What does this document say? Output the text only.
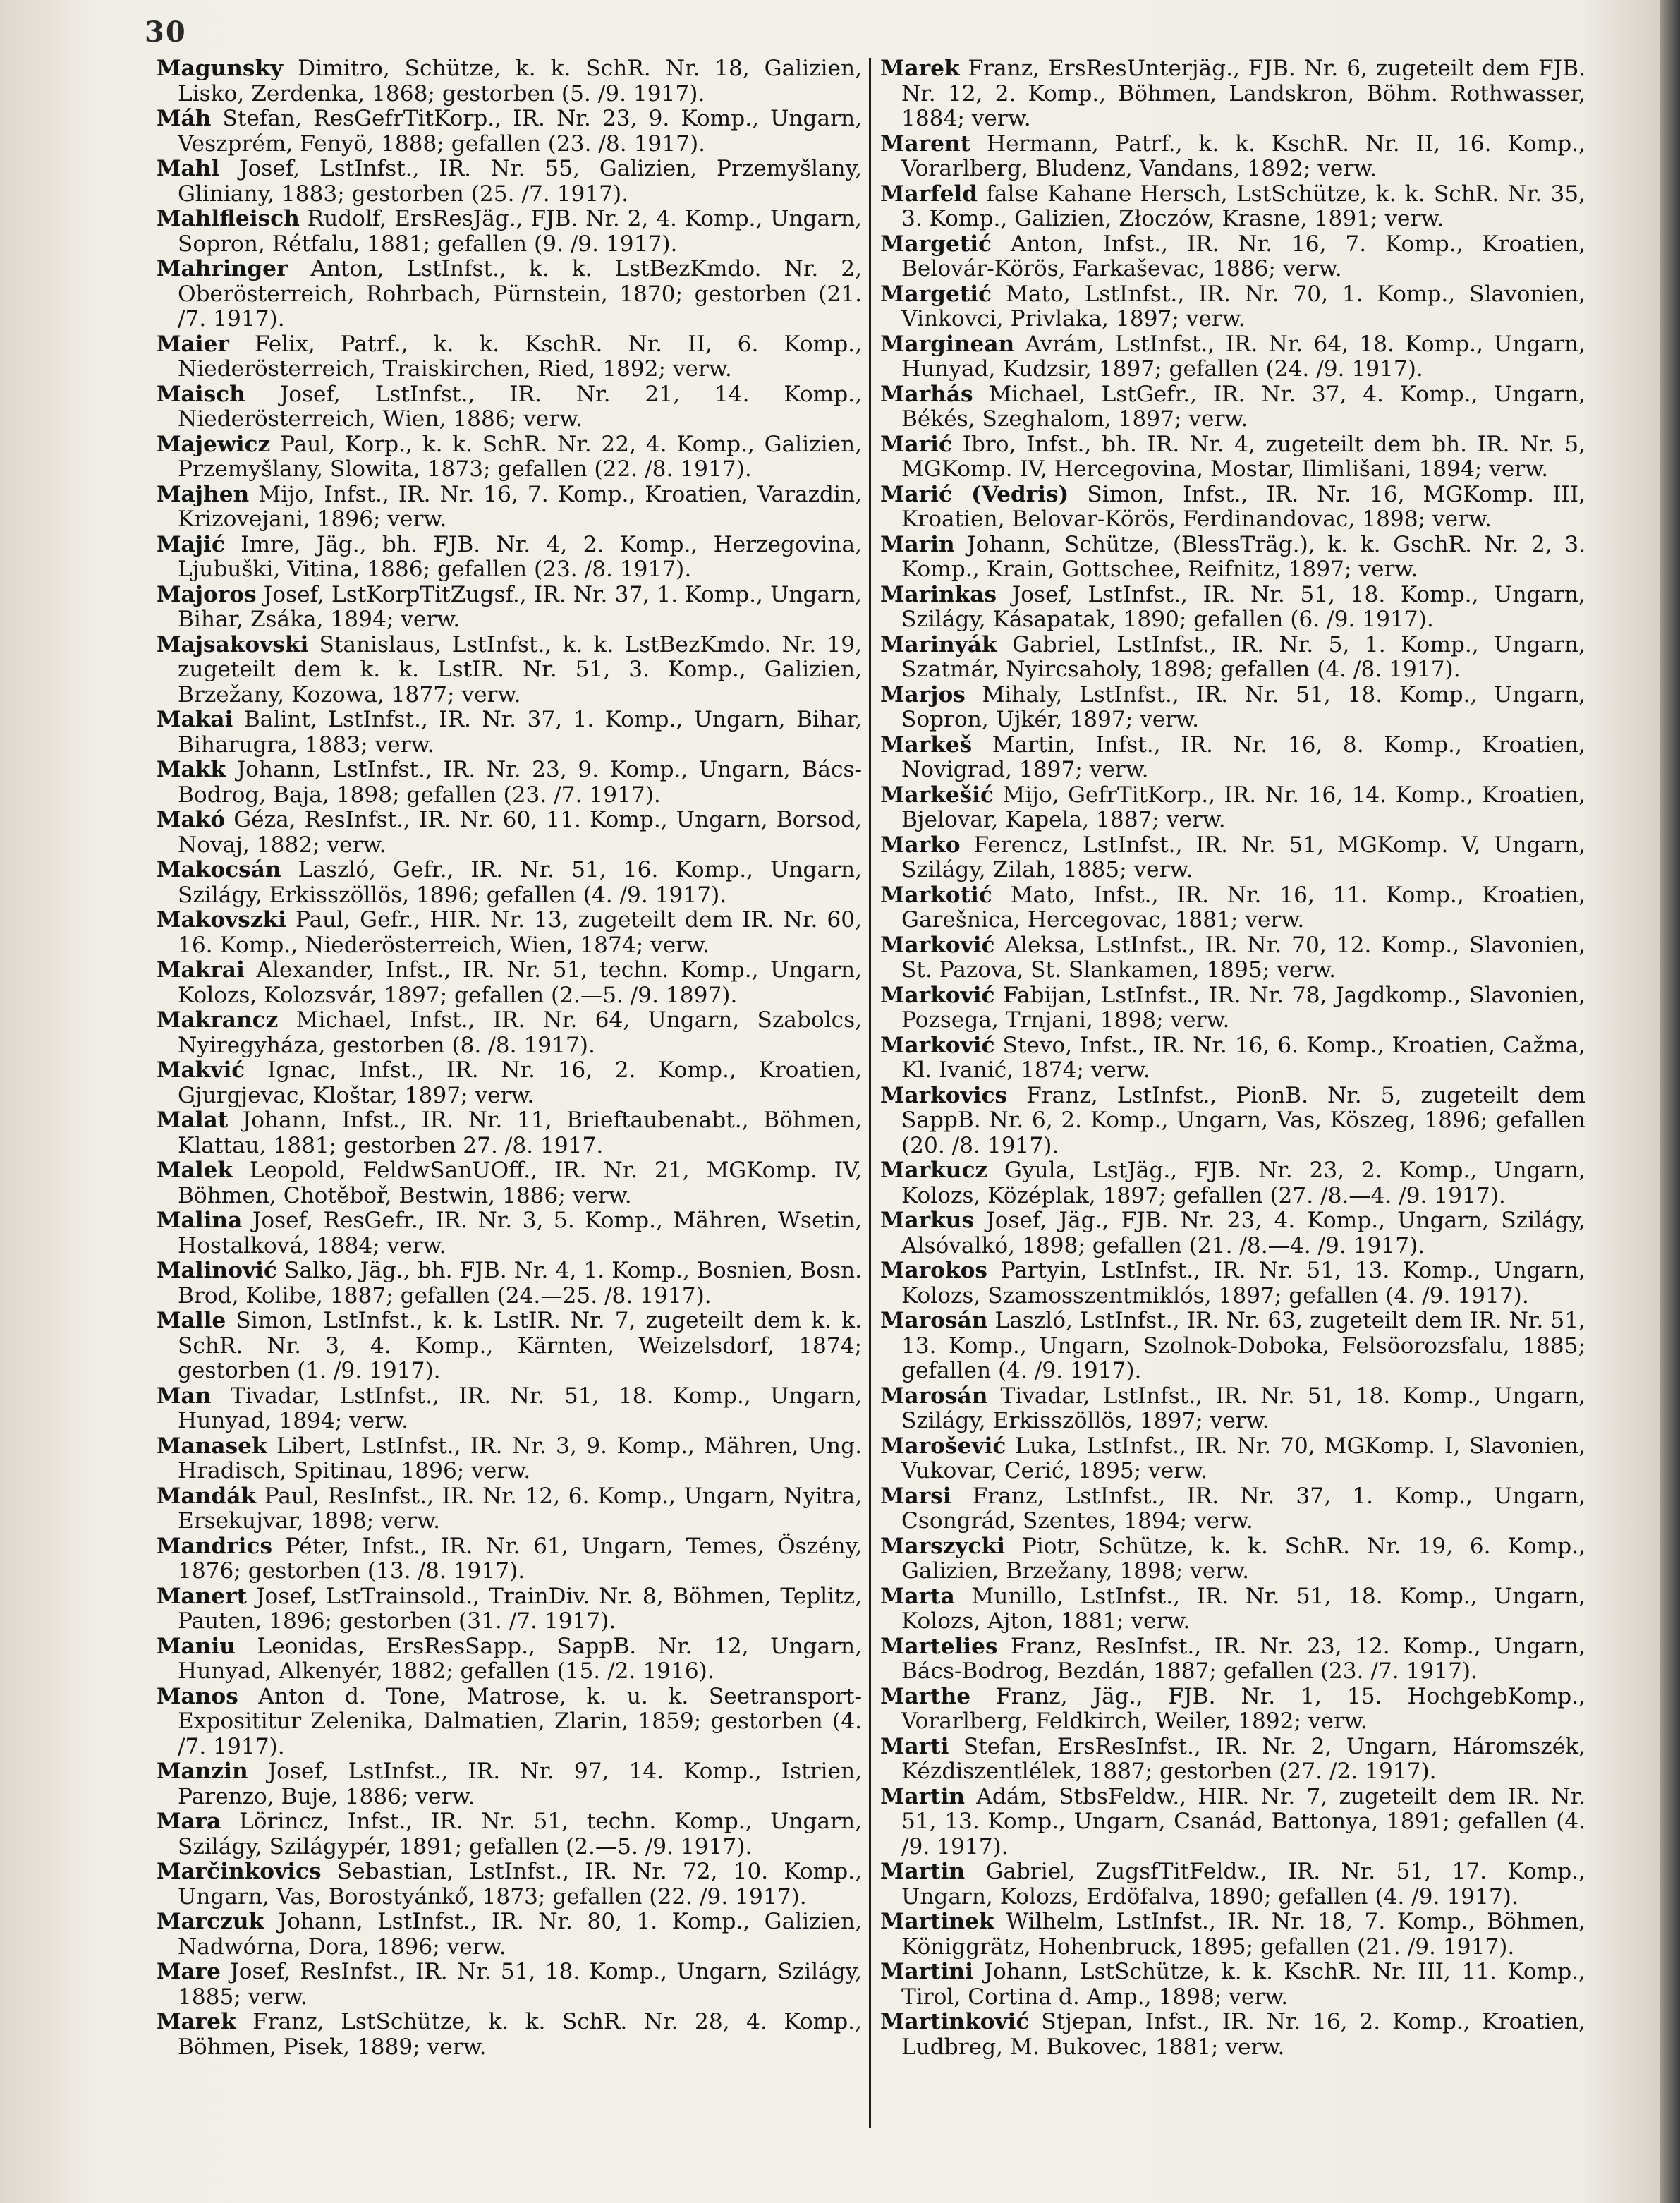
30

Magunsky Dimitro, Schütze, k. k. SchR. Nr. 18, Galizien, Lisko, Zerdenka, 1868; gestorben (5. /9. 1917).

Máh Stefan, ResGefrTitKorp., IR. Nr. 23, 9. Komp., Ungarn, Veszprém, Fenyö, 1888; gefallen (23. /8. 1917).

Mahl Josef, LstInfst., IR. Nr. 55, Galizien, Przemyšlany, Gliniany, 1883; gestorben (25. /7. 1917).

Mahlfleisch Rudolf, ErsResJäg., FJB. Nr. 2, 4. Komp., Ungarn, Sopron, Rétfalu, 1881; gefallen (9. /9. 1917).

Mahringer Anton, LstInfst., k. k. LstBezKmdo. Nr. 2, Oberösterreich, Rohrbach, Pürnstein, 1870; gestorben (21. /7. 1917).

Maier Felix, Patrf., k. k. KschR. Nr. II, 6. Komp., Niederösterreich, Traiskirchen, Ried, 1892; verw.

Maisch Josef, LstInfst., IR. Nr. 21, 14. Komp., Niederösterreich, Wien, 1886; verw.

Majewicz Paul, Korp., k. k. SchR. Nr. 22, 4. Komp., Galizien, Przemyšlany, Slowita, 1873; gefallen (22. /8. 1917).

Majhen Mijo, Infst., IR. Nr. 16, 7. Komp., Kroatien, Varazdin, Krizovejani, 1896; verw.

Majić Imre, Jäg., bh. FJB. Nr. 4, 2. Komp., Herzegovina, Ljubuški, Vitina, 1886; gefallen (23. /8. 1917).

Majoros Josef, LstKorpTitZugsf., IR. Nr. 37, 1. Komp., Ungarn, Bihar, Zsáka, 1894; verw.

Majsakovski Stanislaus, LstInfst., k. k. LstBezKmdo. Nr. 19, zugeteilt dem k. k. LstIR. Nr. 51, 3. Komp., Galizien, Brzežany, Kozowa, 1877; verw.

Makai Balint, LstInfst., IR. Nr. 37, 1. Komp., Ungarn, Bihar, Biharugra, 1883; verw.

Makk Johann, LstInfst., IR. Nr. 23, 9. Komp., Ungarn, Bács-Bodrog, Baja, 1898; gefallen (23. /7. 1917).

Makó Géza, ResInfst., IR. Nr. 60, 11. Komp., Ungarn, Borsod, Novaj, 1882; verw.

Makocsán Laszló, Gefr., IR. Nr. 51, 16. Komp., Ungarn, Szilágy, Erkisszöllös, 1896; gefallen (4. /9. 1917).

Makovszki Paul, Gefr., HIR. Nr. 13, zugeteilt dem IR. Nr. 60, 16. Komp., Niederösterreich, Wien, 1874; verw.

Makrai Alexander, Infst., IR. Nr. 51, techn. Komp., Ungarn, Kolozs, Kolozsvár, 1897; gefallen (2.—5. /9. 1897).

Makrancz Michael, Infst., IR. Nr. 64, Ungarn, Szabolcs, Nyiregyháza, gestorben (8. /8. 1917).

Makvić Ignac, Infst., IR. Nr. 16, 2. Komp., Kroatien, Gjurgjevac, Kloštar, 1897; verw.

Malat Johann, Infst., IR. Nr. 11, Brieftaubenabt., Böhmen, Klattau, 1881; gestorben 27. /8. 1917.

Malek Leopold, FeldwSanUOff., IR. Nr. 21, MGKomp. IV, Böhmen, Chotěboř, Bestwin, 1886; verw.

Malina Josef, ResGefr., IR. Nr. 3, 5. Komp., Mähren, Wsetin, Hostalková, 1884; verw.

Malinović Salko, Jäg., bh. FJB. Nr. 4, 1. Komp., Bosnien, Bosn. Brod, Kolibe, 1887; gefallen (24.—25. /8. 1917).

Malle Simon, LstInfst., k. k. LstIR. Nr. 7, zugeteilt dem k. k. SchR. Nr. 3, 4. Komp., Kärnten, Weizelsdorf, 1874; gestorben (1. /9. 1917).

Man Tivadar, LstInfst., IR. Nr. 51, 18. Komp., Ungarn, Hunyad, 1894; verw.

Manasek Libert, LstInfst., IR. Nr. 3, 9. Komp., Mähren, Ung. Hradisch, Spitinau, 1896; verw.

Mandák Paul, ResInfst., IR. Nr. 12, 6. Komp., Ungarn, Nyitra, Ersekujvar, 1898; verw.

Mandrics Péter, Infst., IR. Nr. 61, Ungarn, Temes, Öszény, 1876; gestorben (13. /8. 1917).

Manert Josef, LstTrainsold., TrainDiv. Nr. 8, Böhmen, Teplitz, Pauten, 1896; gestorben (31. /7. 1917).

Maniu Leonidas, ErsResSapp., SappB. Nr. 12, Ungarn, Hunyad, Alkenyér, 1882; gefallen (15. /2. 1916).

Manos Anton d. Tone, Matrose, k. u. k. Seetransport-Exposititur Zelenika, Dalmatien, Zlarin, 1859; gestorben (4. /7. 1917).

Manzin Josef, LstInfst., IR. Nr. 97, 14. Komp., Istrien, Parenzo, Buje, 1886; verw.

Mara Lörincz, Infst., IR. Nr. 51, techn. Komp., Ungarn, Szilágy, Szilágypér, 1891; gefallen (2.—5. /9. 1917).

Marčinkovics Sebastian, LstInfst., IR. Nr. 72, 10. Komp., Ungarn, Vas, Borostyánkő, 1873; gefallen (22. /9. 1917).

Marczuk Johann, LstInfst., IR. Nr. 80, 1. Komp., Galizien, Nadwórna, Dora, 1896; verw.

Mare Josef, ResInfst., IR. Nr. 51, 18. Komp., Ungarn, Szilágy, 1885; verw.

Marek Franz, LstSchütze, k. k. SchR. Nr. 28, 4. Komp., Böhmen, Pisek, 1889; verw.

Marek Franz, ErsResUnterjäg., FJB. Nr. 6, zugeteilt dem FJB. Nr. 12, 2. Komp., Böhmen, Landskron, Böhm. Rothwasser, 1884; verw.

Marent Hermann, Patrf., k. k. KschR. Nr. II, 16. Komp., Vorarlberg, Bludenz, Vandans, 1892; verw.

Marfeld false Kahane Hersch, LstSchütze, k. k. SchR. Nr. 35, 3. Komp., Galizien, Złoczów, Krasne, 1891; verw.

Margetić Anton, Infst., IR. Nr. 16, 7. Komp., Kroatien, Belovár-Körös, Farkaševac, 1886; verw.

Margetić Mato, LstInfst., IR. Nr. 70, 1. Komp., Slavonien, Vinkovci, Privlaka, 1897; verw.

Marginean Avrám, LstInfst., IR. Nr. 64, 18. Komp., Ungarn, Hunyad, Kudzsir, 1897; gefallen (24. /9. 1917).

Marhás Michael, LstGefr., IR. Nr. 37, 4. Komp., Ungarn, Békés, Szeghalom, 1897; verw.

Marić Ibro, Infst., bh. IR. Nr. 4, zugeteilt dem bh. IR. Nr. 5, MGKomp. IV, Hercegovina, Mostar, Ilimlišani, 1894; verw.

Marić (Vedris) Simon, Infst., IR. Nr. 16, MGKomp. III, Kroatien, Belovar-Körös, Ferdinandovac, 1898; verw.

Marin Johann, Schütze, (BlessTräg.), k. k. GschR. Nr. 2, 3. Komp., Krain, Gottschee, Reifnitz, 1897; verw.

Marinkas Josef, LstInfst., IR. Nr. 51, 18. Komp., Ungarn, Szilágy, Kásapatak, 1890; gefallen (6. /9. 1917).

Marinyák Gabriel, LstInfst., IR. Nr. 5, 1. Komp., Ungarn, Szatmár, Nyircsaholy, 1898; gefallen (4. /8. 1917).

Marjos Mihaly, LstInfst., IR. Nr. 51, 18. Komp., Ungarn, Sopron, Ujkér, 1897; verw.

Markeš Martin, Infst., IR. Nr. 16, 8. Komp., Kroatien, Novigrad, 1897; verw.

Markešić Mijo, GefrTitKorp., IR. Nr. 16, 14. Komp., Kroatien, Bjelovar, Kapela, 1887; verw.

Marko Ferencz, LstInfst., IR. Nr. 51, MGKomp. V, Ungarn, Szilágy, Zilah, 1885; verw.

Markotić Mato, Infst., IR. Nr. 16, 11. Komp., Kroatien, Garešnica, Hercegovac, 1881; verw.

Marković Aleksa, LstInfst., IR. Nr. 70, 12. Komp., Slavonien, St. Pazova, St. Slankamen, 1895; verw.

Marković Fabijan, LstInfst., IR. Nr. 78, Jagdkomp., Slavonien, Pozsega, Trnjani, 1898; verw.

Marković Stevo, Infst., IR. Nr. 16, 6. Komp., Kroatien, Cažma, Kl. Ivanić, 1874; verw.

Markovics Franz, LstInfst., PionB. Nr. 5, zugeteilt dem SappB. Nr. 6, 2. Komp., Ungarn, Vas, Köszeg, 1896; gefallen (20. /8. 1917).

Markucz Gyula, LstJäg., FJB. Nr. 23, 2. Komp., Ungarn, Kolozs, Középlak, 1897; gefallen (27. /8.—4. /9. 1917).

Markus Josef, Jäg., FJB. Nr. 23, 4. Komp., Ungarn, Szilágy, Alsóvalkó, 1898; gefallen (21. /8.—4. /9. 1917).

Marokos Partyin, LstInfst., IR. Nr. 51, 13. Komp., Ungarn, Kolozs, Szamosszentmiklós, 1897; gefallen (4. /9. 1917).

Marosán Laszló, LstInfst., IR. Nr. 63, zugeteilt dem IR. Nr. 51, 13. Komp., Ungarn, Szolnok-Doboka, Felsöorozsfalu, 1885; gefallen (4. /9. 1917).

Marosán Tivadar, LstInfst., IR. Nr. 51, 18. Komp., Ungarn, Szilágy, Erkisszöllös, 1897; verw.

Marošević Luka, LstInfst., IR. Nr. 70, MGKomp. I, Slavonien, Vukovar, Cerić, 1895; verw.

Marsi Franz, LstInfst., IR. Nr. 37, 1. Komp., Ungarn, Csongrád, Szentes, 1894; verw.

Marszycki Piotr, Schütze, k. k. SchR. Nr. 19, 6. Komp., Galizien, Brzežany, 1898; verw.

Marta Munillo, LstInfst., IR. Nr. 51, 18. Komp., Ungarn, Kolozs, Ajton, 1881; verw.

Martelies Franz, ResInfst., IR. Nr. 23, 12. Komp., Ungarn, Bács-Bodrog, Bezdán, 1887; gefallen (23. /7. 1917).

Marthe Franz, Jäg., FJB. Nr. 1, 15. HochgebKomp., Vorarlberg, Feldkirch, Weiler, 1892; verw.

Marti Stefan, ErsResInfst., IR. Nr. 2, Ungarn, Háromszék, Kézdiszentlélek, 1887; gestorben (27. /2. 1917).

Martin Adám, StbsFeldw., HIR. Nr. 7, zugeteilt dem IR. Nr. 51, 13. Komp., Ungarn, Csanád, Battonya, 1891; gefallen (4. /9. 1917).

Martin Gabriel, ZugsfTitFeldw., IR. Nr. 51, 17. Komp., Ungarn, Kolozs, Erdöfalva, 1890; gefallen (4. /9. 1917).

Martinek Wilhelm, LstInfst., IR. Nr. 18, 7. Komp., Böhmen, Königgrätz, Hohenbruck, 1895; gefallen (21. /9. 1917).

Martini Johann, LstSchütze, k. k. KschR. Nr. III, 11. Komp., Tirol, Cortina d. Amp., 1898; verw.

Martinković Stjepan, Infst., IR. Nr. 16, 2. Komp., Kroatien, Ludbreg, M. Bukovec, 1881; verw.
